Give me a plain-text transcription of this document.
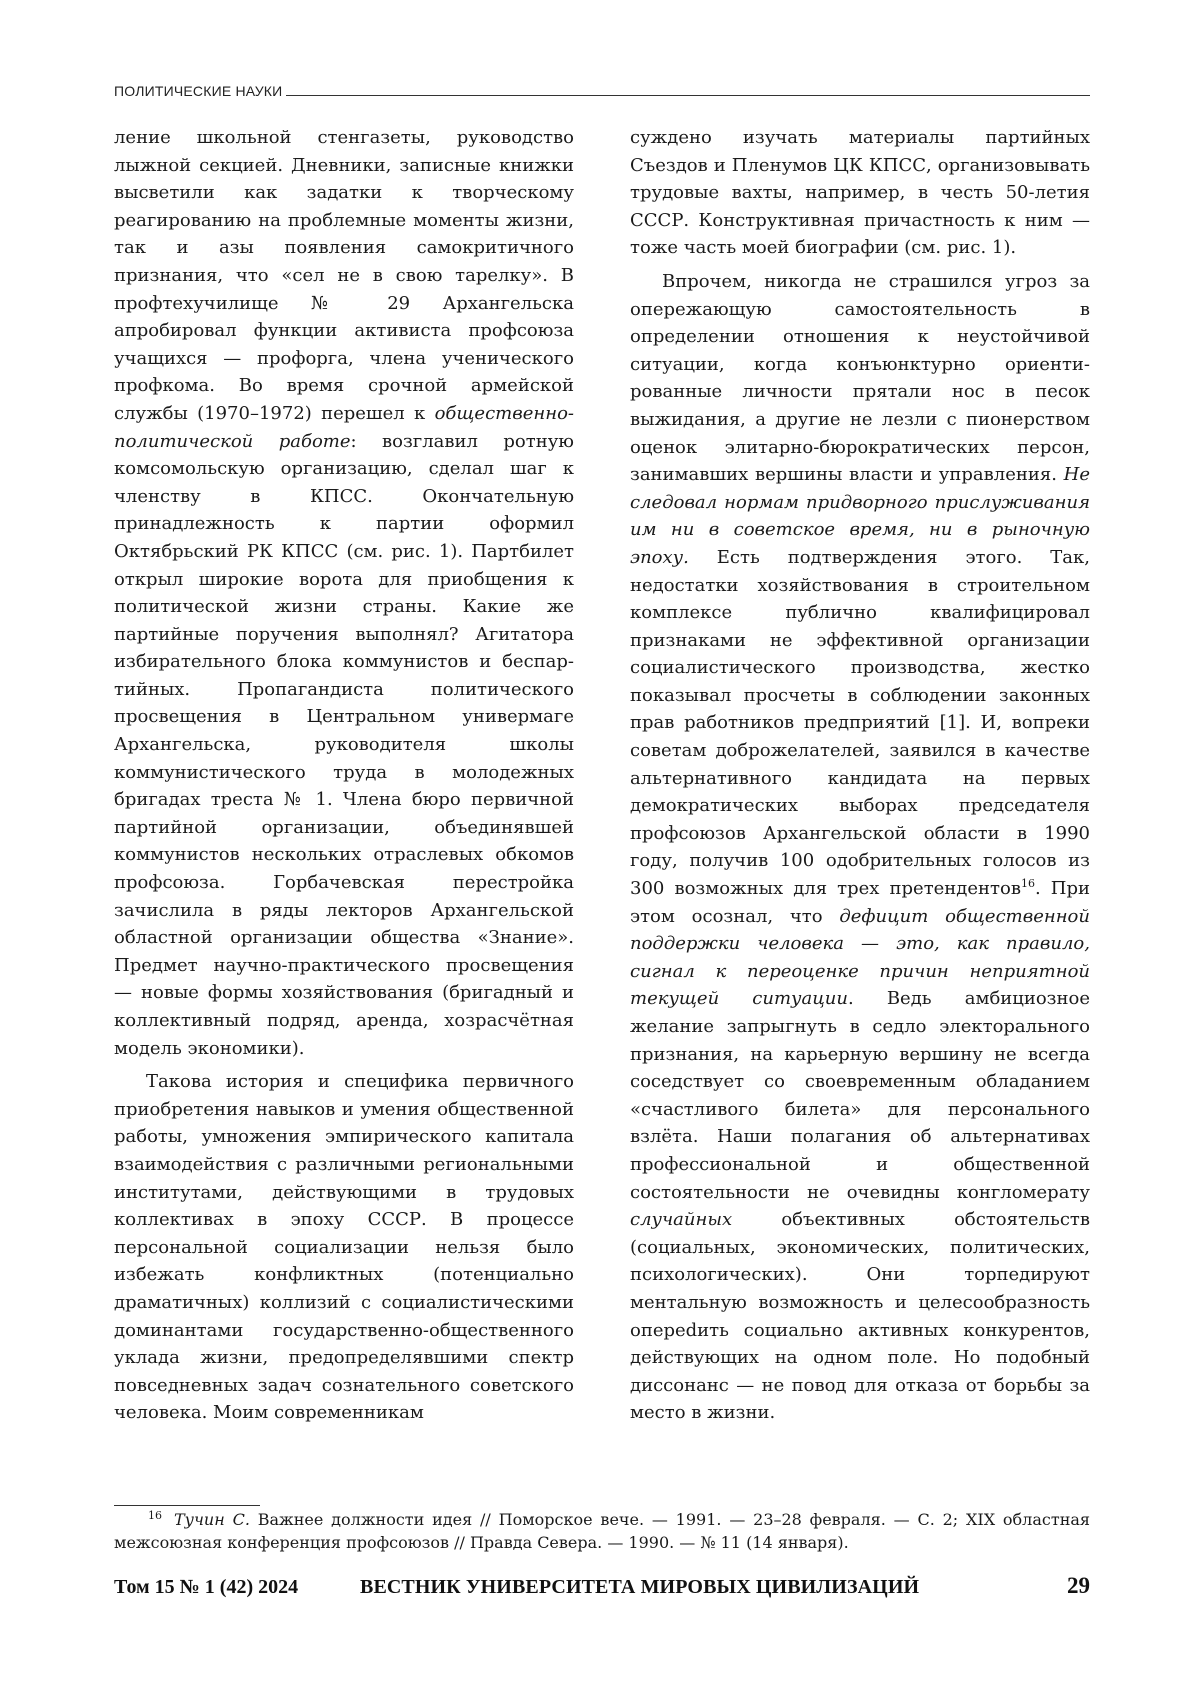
ПОЛИТИЧЕСКИЕ НАУКИ

ление школьной стенгазеты, руководство лыжной секцией. Дневники, записные книжки высветили как задатки к творческому реагированию на проблемные моменты жизни, так и азы появления самокритичного признания, что «сел не в свою тарелку». В профтехучилище № 29 Архангельска апробировал функции активиста профсоюза учащихся — профорга, члена ученического профкома. Во время срочной армейской службы (1970–1972) перешел к общественно-политической работе: возглавил ротную комсомольскую организацию, сделал шаг к членству в КПСС. Окончательную принадлежность к партии оформил Октябрьский РК КПСС (см. рис. 1). Партбилет открыл широкие ворота для приобщения к политической жизни страны. Какие же партийные поручения выполнял? Агитатора избирательного блока коммунистов и беспартийных. Пропагандиста политического просвещения в Центральном универмаге Архангельска, руководителя школы коммунистического труда в молодежных бригадах треста № 1. Члена бюро первичной партийной организации, объединявшей коммунистов нескольких отраслевых обкомов профсоюза. Горбачевская перестройка зачислила в ряды лекторов Архангельской областной организации общества «Знание». Предмет научно-практического просвещения — новые формы хозяйствования (бригадный и коллективный подряд, аренда, хозрасчётная модель экономики).

Такова история и специфика первичного приобретения навыков и умения общественной работы, умножения эмпирического капитала взаимодействия с различными региональными институтами, действующими в трудовых коллективах в эпоху СССР. В процессе персональной социализации нельзя было избежать конфликтных (потенциально драматичных) коллизий с социалистическими доминантами государственно-общественного уклада жизни, предопределявшими спектр повседневных задач сознательного советского человека. Моим современникам

суждено изучать материалы партийных Съездов и Пленумов ЦК КПСС, организовывать трудовые вахты, например, в честь 50-летия СССР. Конструктивная причастность к ним — тоже часть моей биографии (см. рис. 1).

Впрочем, никогда не страшился угроз за опережающую самостоятельность в определении отношения к неустойчивой ситуации, когда конъюнктурно ориентированные личности прятали нос в песок выжидания, а другие не лезли с пионерством оценок элитарно-бюрократических персон, занимавших вершины власти и управления. Не следовал нормам придворного прислуживания им ни в советское время, ни в рыночную эпоху. Есть подтверждения этого. Так, недостатки хозяйствования в строительном комплексе публично квалифицировал признаками не эффективной организации социалистического производства, жестко показывал просчеты в соблюдении законных прав работников предприятий [1]. И, вопреки советам доброжелателей, заявился в качестве альтернативного кандидата на первых демократических выборах председателя профсоюзов Архангельской области в 1990 году, получив 100 одобрительных голосов из 300 возможных для трех претендентов$^{16}$. При этом осознал, что дефицит общественной поддержки человека — это, как правило, сигнал к переоценке причин неприятной текущей ситуации. Ведь амбициозное желание запрыгнуть в седло электорального признания, на карьерную вершину не всегда соседствует со своевременным обладанием «счастливого билета» для персонального взлёта. Наши полагания об альтернативах профессиональной и общественной состоятельности не очевидны конгломерату случайных объективных обстоятельств (социальных, экономических, политических, психологических). Они торпедируют ментальную возможность и целесообразность опереdить социально активных конкурентов, действующих на одном поле. Но подобный диссонанс — не повод для отказа от борьбы за место в жизни.

$^{16}$ Тучин С. Важнее должности идея // Поморское вече. — 1991. — 23–28 февраля. — С. 2; XIX областная межсоюзная конференция профсоюзов // Правда Севера. — 1990. — № 11 (14 января).

Том 15 № 1 (42) 2024	ВЕСТНИК УНИВЕРСИТЕТА МИРОВЫХ ЦИВИЛИЗАЦИЙ	29
